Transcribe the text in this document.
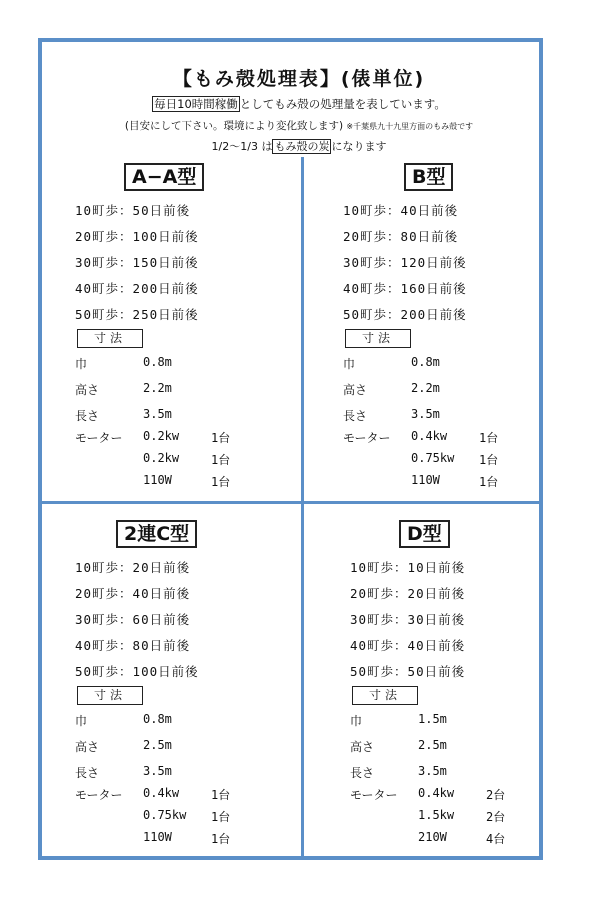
【もみ殻処理表】(俵単位)
毎日10時間稼働 としてもみ殻の処理量を表しています。
(目安にして下さい。環境により変化致します) ※千葉県九十九里方面のもみ殻です
1/2〜1/3 は もみ殻の炭 になります
A−A型
10町歩：50日前後
20町歩：100日前後
30町歩：150日前後
40町歩：200日前後
50町歩：250日前後
寸法
巾	0.8m
高さ	2.2m
長さ	3.5m
モーター 0.2kw	1台
0.2kw	1台
110W	1台
B型
10町歩：40日前後
20町歩：80日前後
30町歩：120日前後
40町歩：160日前後
50町歩：200日前後
寸法
巾	0.8m
高さ	2.2m
長さ	3.5m
モーター 0.4kw	1台
0.75kw 1台
110W	1台
2連C型
10町歩：20日前後
20町歩：40日前後
30町歩：60日前後
40町歩：80日前後
50町歩：100日前後
寸法
巾	0.8m
高さ	2.5m
長さ	3.5m
モーター 0.4kw	1台
0.75kw 1台
110W	1台
D型
10町歩：10日前後
20町歩：20日前後
30町歩：30日前後
40町歩：40日前後
50町歩：50日前後
寸法
巾	1.5m
高さ	2.5m
長さ	3.5m
モーター 0.4kw	2台
1.5kw	2台
210W	4台
